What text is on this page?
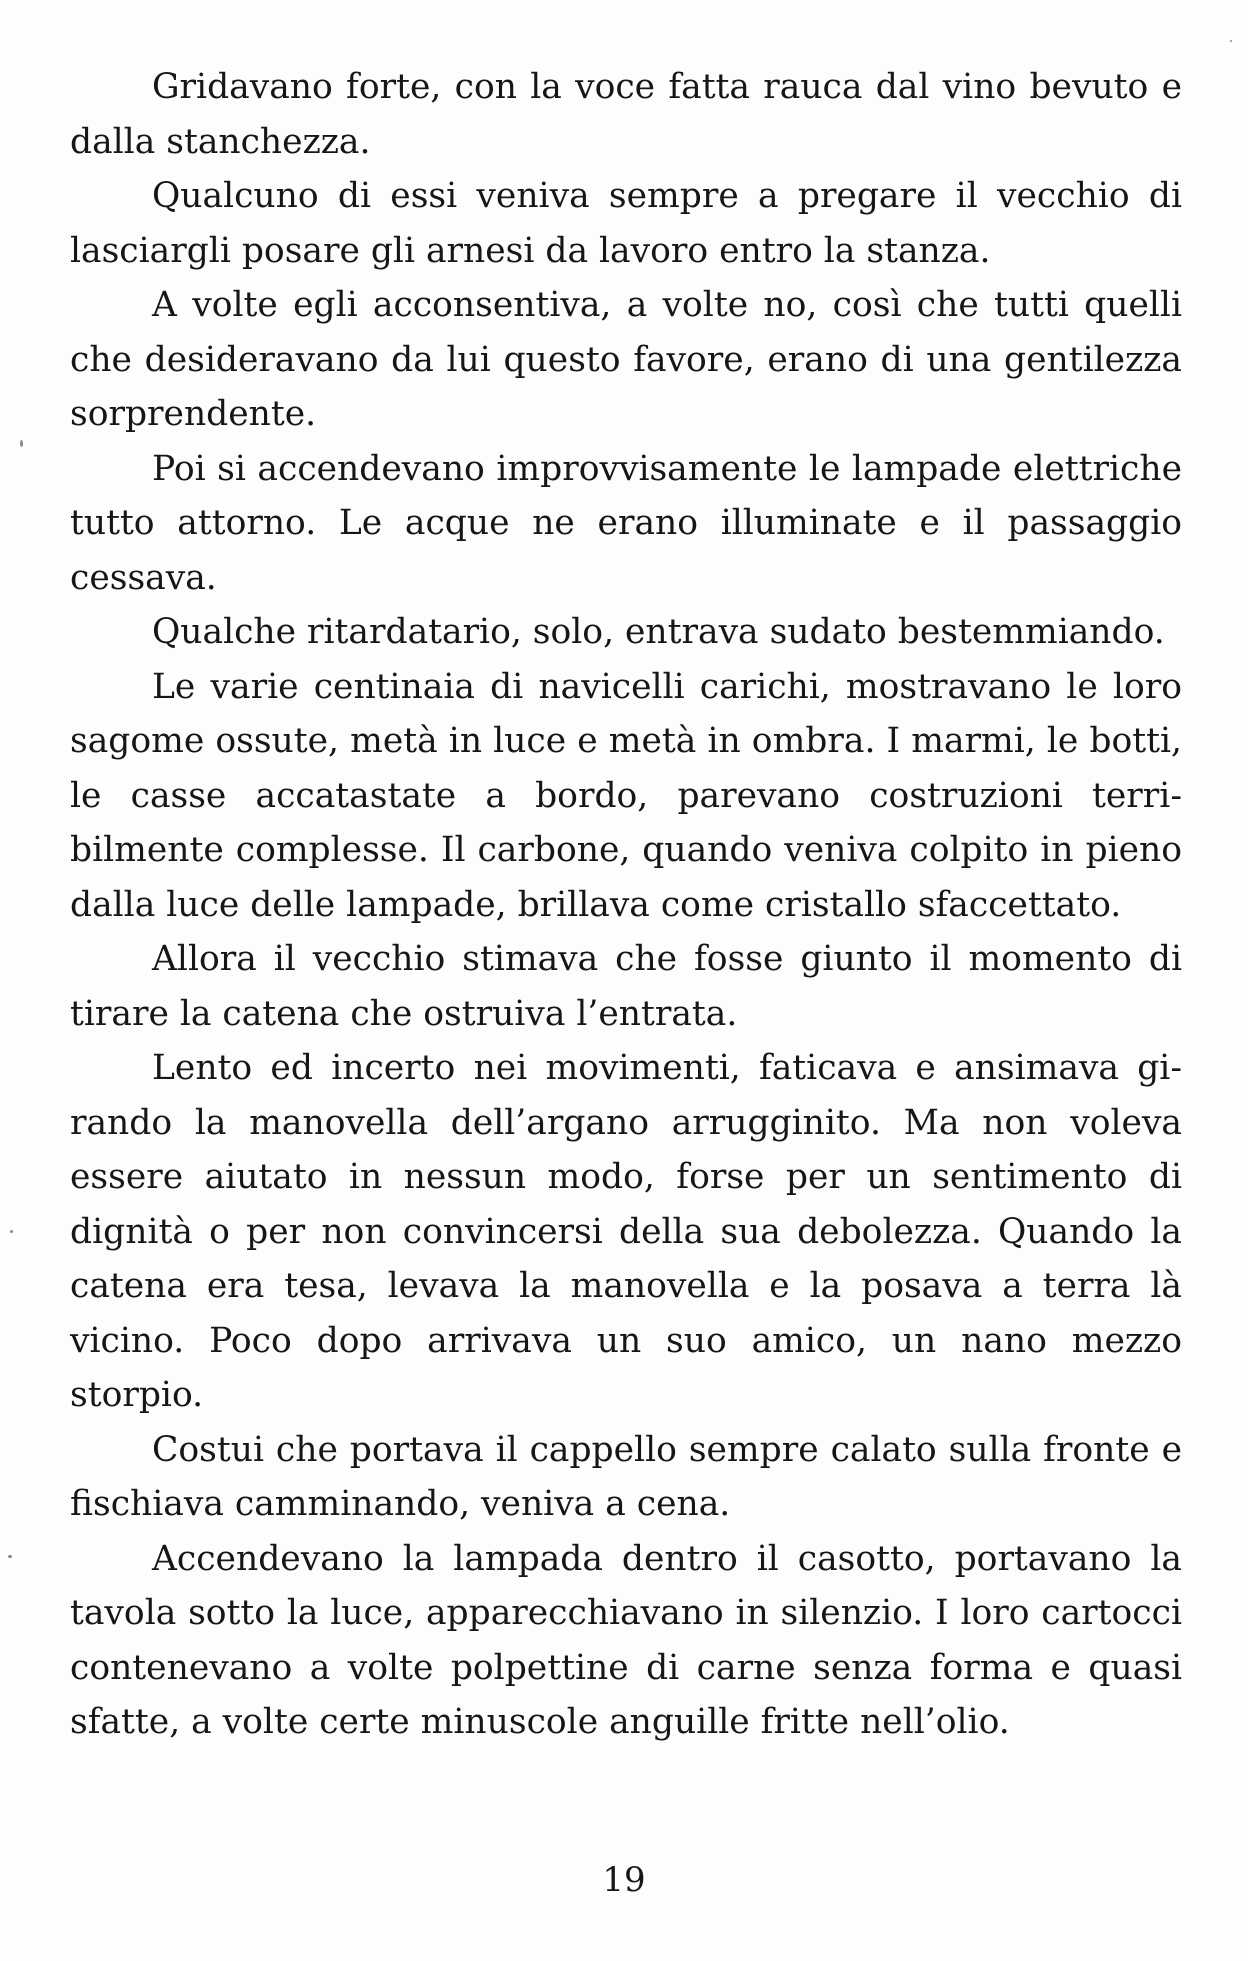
Gridavano forte, con la voce fatta rauca dal vino bevuto e dalla stanchezza.

Qualcuno di essi veniva sempre a pregare il vecchio di lasciargli posare gli arnesi da lavoro entro la stanza.

A volte egli acconsentiva, a volte no, così che tutti quelli che desideravano da lui questo favore, erano di una gentilezza sorprendente.

Poi si accendevano improvvisamente le lampade elettriche tutto attorno. Le acque ne erano illuminate e il passaggio cessava.

Qualche ritardatario, solo, entrava sudato bestemmiando.

Le varie centinaia di navicelli carichi, mostravano le loro sagome ossute, metà in luce e metà in ombra. I marmi, le botti, le casse accatastate a bordo, parevano costruzioni terribilmente complesse. Il carbone, quando veniva colpito in pieno dalla luce delle lampade, brillava come cristallo sfaccettato.

Allora il vecchio stimava che fosse giunto il momento di tirare la catena che ostruiva l’entrata.

Lento ed incerto nei movimenti, faticava e ansimava girando la manovella dell’argano arrugginito. Ma non voleva essere aiutato in nessun modo, forse per un sentimento di dignità o per non convincersi della sua debolezza. Quando la catena era tesa, levava la manovella e la posava a terra là vicino. Poco dopo arrivava un suo amico, un nano mezzo storpio.

Costui che portava il cappello sempre calato sulla fronte e fischiava camminando, veniva a cena.

Accendevano la lampada dentro il casotto, portavano la tavola sotto la luce, apparecchiavano in silenzio. I loro cartocci contenevano a volte polpettine di carne senza forma e quasi sfatte, a volte certe minuscole anguille fritte nell’olio.

19
